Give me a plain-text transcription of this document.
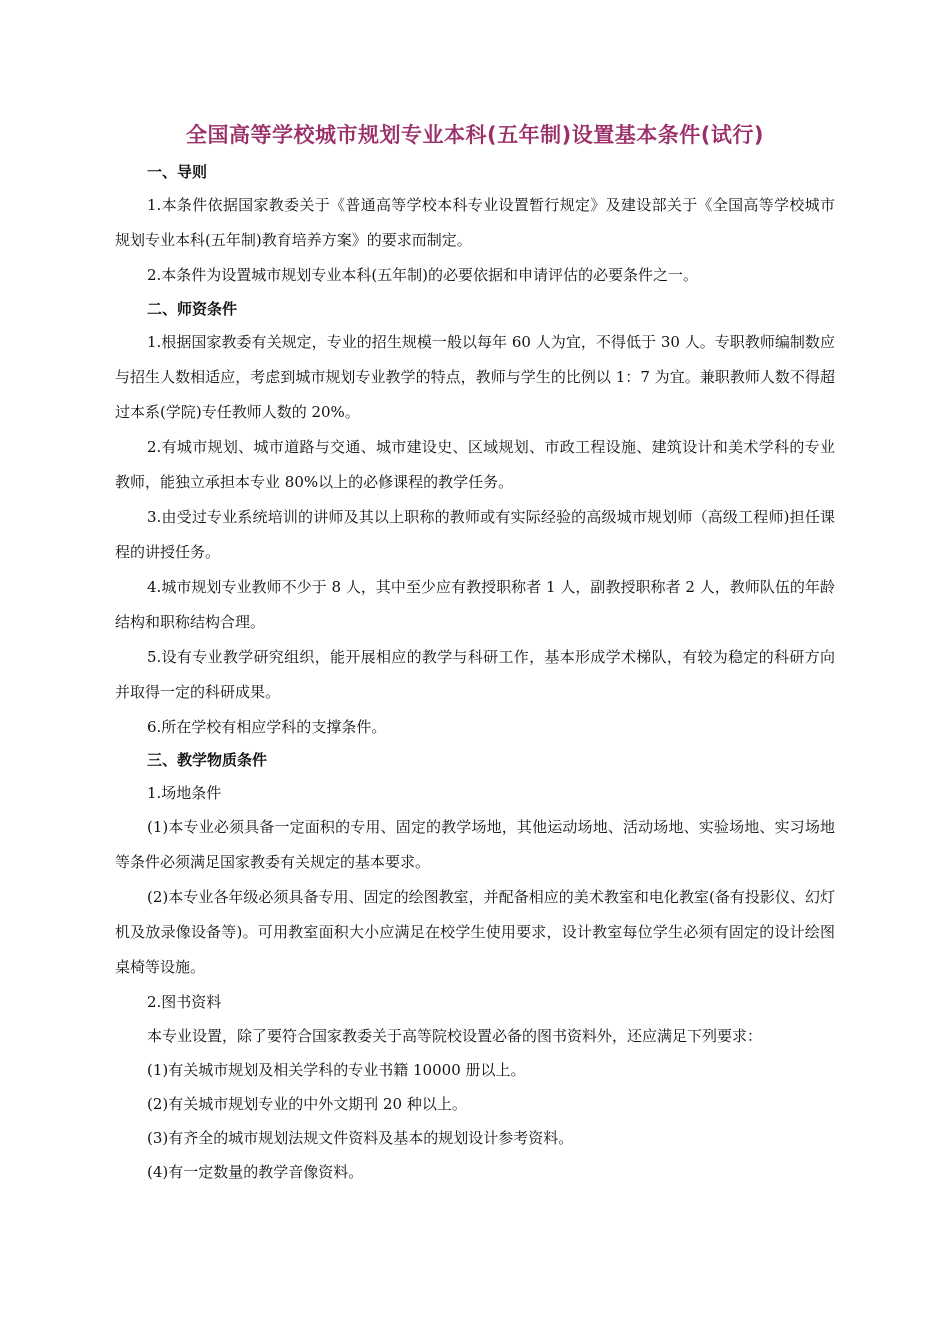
全国高等学校城市规划专业本科(五年制)设置基本条件(试行)

一、导则

1.本条件依据国家教委关于《普通高等学校本科专业设置暂行规定》及建设部关于《全国高等学校城市规划专业本科(五年制)教育培养方案》的要求而制定。

2.本条件为设置城市规划专业本科(五年制)的必要依据和申请评估的必要条件之一。

二、师资条件

1.根据国家教委有关规定，专业的招生规模一般以每年 60 人为宜，不得低于 30 人。专职教师编制数应与招生人数相适应，考虑到城市规划专业教学的特点，教师与学生的比例以 1：7 为宜。兼职教师人数不得超过本系(学院)专任教师人数的 20%。

2.有城市规划、城市道路与交通、城市建设史、区域规划、市政工程设施、建筑设计和美术学科的专业教师，能独立承担本专业 80%以上的必修课程的教学任务。

3.由受过专业系统培训的讲师及其以上职称的教师或有实际经验的高级城市规划师（高级工程师)担任课程的讲授任务。

4.城市规划专业教师不少于 8 人，其中至少应有教授职称者 1 人，副教授职称者 2 人，教师队伍的年龄结构和职称结构合理。

5.设有专业教学研究组织，能开展相应的教学与科研工作，基本形成学术梯队，有较为稳定的科研方向并取得一定的科研成果。

6.所在学校有相应学科的支撑条件。

三、教学物质条件

1.场地条件

(1)本专业必须具备一定面积的专用、固定的教学场地，其他运动场地、活动场地、实验场地、实习场地等条件必须满足国家教委有关规定的基本要求。

(2)本专业各年级必须具备专用、固定的绘图教室，并配备相应的美术教室和电化教室(备有投影仪、幻灯机及放录像设备等)。可用教室面积大小应满足在校学生使用要求，设计教室每位学生必须有固定的设计绘图桌椅等设施。

2.图书资料

本专业设置，除了要符合国家教委关于高等院校设置必备的图书资料外，还应满足下列要求：

(1)有关城市规划及相关学科的专业书籍 10000 册以上。

(2)有关城市规划专业的中外文期刊 20 种以上。

(3)有齐全的城市规划法规文件资料及基本的规划设计参考资料。

(4)有一定数量的教学音像资料。
